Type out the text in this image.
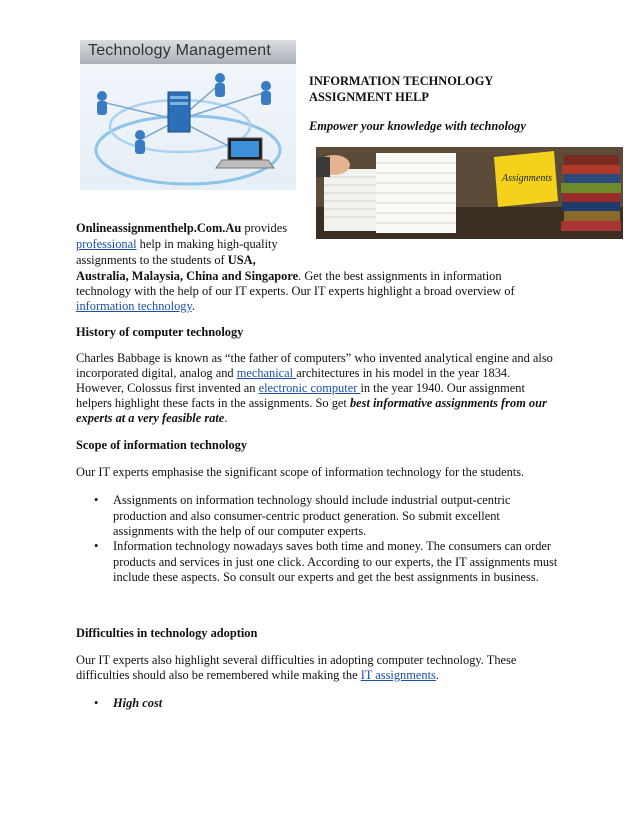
Technology Management
INFORMATION TECHNOLOGY
ASSIGNMENT HELP
Empower your knowledge with technology
Assignments
Onlineassignmenthelp.Com.Au provides
professional help in making high-quality
assignments to the students of USA,
Australia, Malaysia, China and Singapore. Get the best assignments in information
technology with the help of our IT experts. Our IT experts highlight a broad overview of
information technology.
History of computer technology
Charles Babbage is known as “the father of computers” who invented analytical engine and also
incorporated digital, analog and mechanical architectures in his model in the year 1834.
However, Colossus first invented an electronic computer in the year 1940. Our assignment
helpers highlight these facts in the assignments. So get best informative assignments from our
experts at a very feasible rate.
Scope of information technology
Our IT experts emphasise the significant scope of information technology for the students.
• Assignments on information technology should include industrial output-centric
production and also consumer-centric product generation. So submit excellent
assignments with the help of our computer experts.
• Information technology nowadays saves both time and money. The consumers can order
products and services in just one click. According to our experts, the IT assignments must
include these aspects. So consult our experts and get the best assignments in business.
Difficulties in technology adoption
Our IT experts also highlight several difficulties in adopting computer technology. These
difficulties should also be remembered while making the IT assignments.
• High cost
